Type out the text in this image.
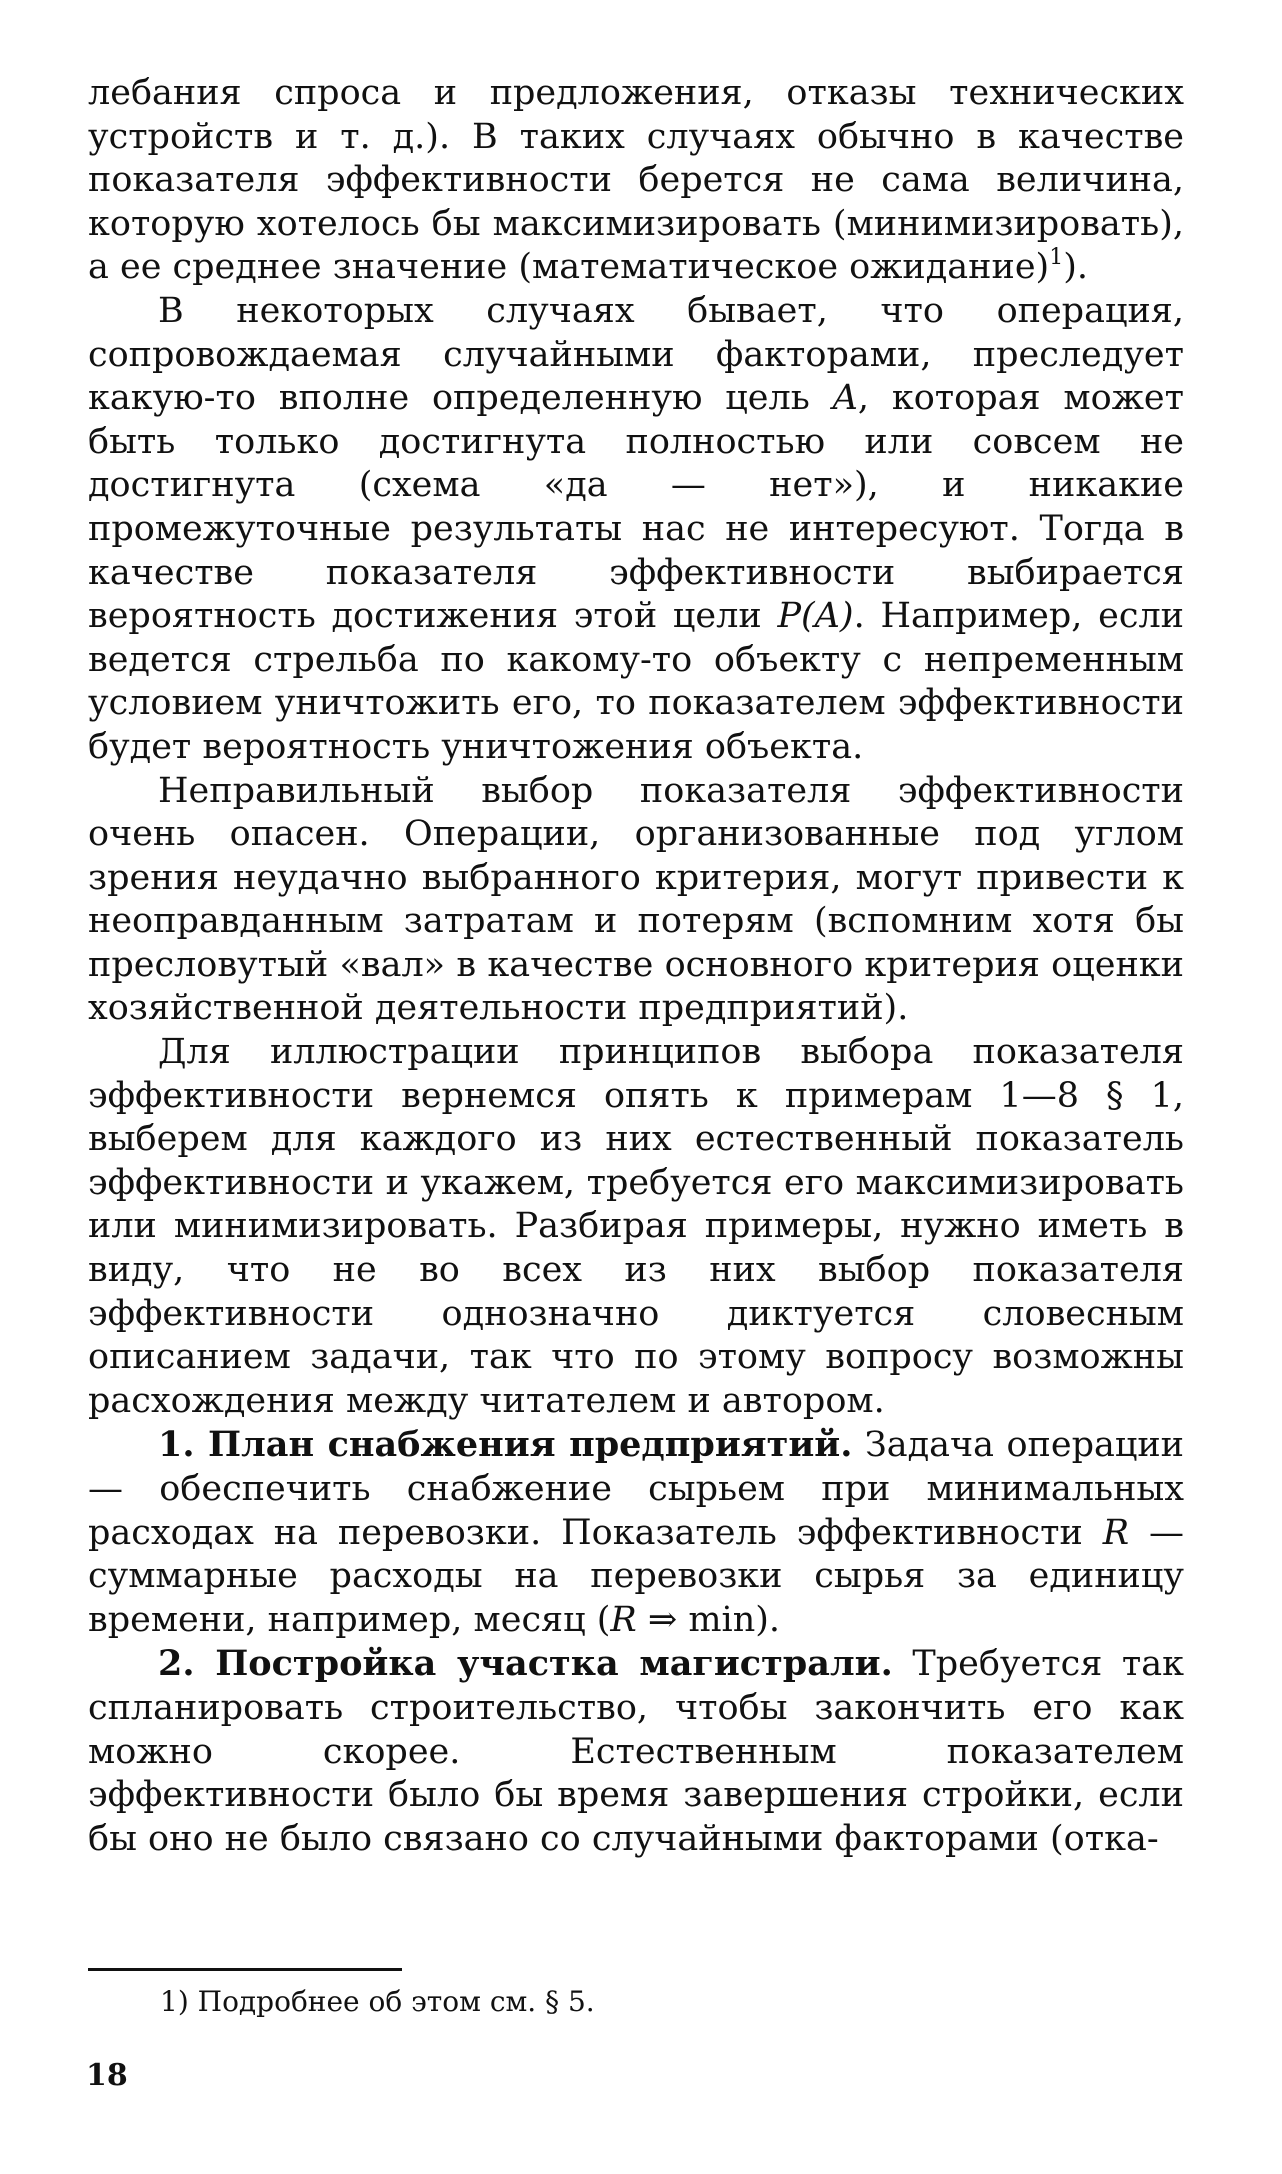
лебания спроса и предложения, отказы технических устройств и т. д.). В таких случаях обычно в качестве показателя эффективности берется не сама величина, которую хотелось бы максимизировать (минимизировать), а ее среднее значение (математическое ожидание)$^1$).

В некоторых случаях бывает, что операция, сопровождаемая случайными факторами, преследует какую-то вполне определенную цель A, которая может быть только достигнута полностью или совсем не достигнута (схема «да — нет»), и никакие промежуточные результаты нас не интересуют. Тогда в качестве показателя эффективности выбирается вероятность достижения этой цели P(A). Например, если ведется стрельба по какому-то объекту с непременным условием уничтожить его, то показателем эффективности будет вероятность уничтожения объекта.

Неправильный выбор показателя эффективности очень опасен. Операции, организованные под углом зрения неудачно выбранного критерия, могут привести к неоправданным затратам и потерям (вспомним хотя бы пресловутый «вал» в качестве основного критерия оценки хозяйственной деятельности предприятий).

Для иллюстрации принципов выбора показателя эффективности вернемся опять к примерам 1—8 § 1, выберем для каждого из них естественный показатель эффективности и укажем, требуется его максимизировать или минимизировать. Разбирая примеры, нужно иметь в виду, что не во всех из них выбор показателя эффективности однозначно диктуется словесным описанием задачи, так что по этому вопросу возможны расхождения между читателем и автором.

1. План снабжения предприятий. Задача операции — обеспечить снабжение сырьем при минимальных расходах на перевозки. Показатель эффективности R — суммарные расходы на перевозки сырья за единицу времени, например, месяц (R ⇒ min).

2. Постройка участка магистрали. Требуется так спланировать строительство, чтобы закончить его как можно скорее. Естественным показателем эффективности было бы время завершения стройки, если бы оно не было связано со случайными факторами (отка-

1) Подробнее об этом см. § 5.
18
